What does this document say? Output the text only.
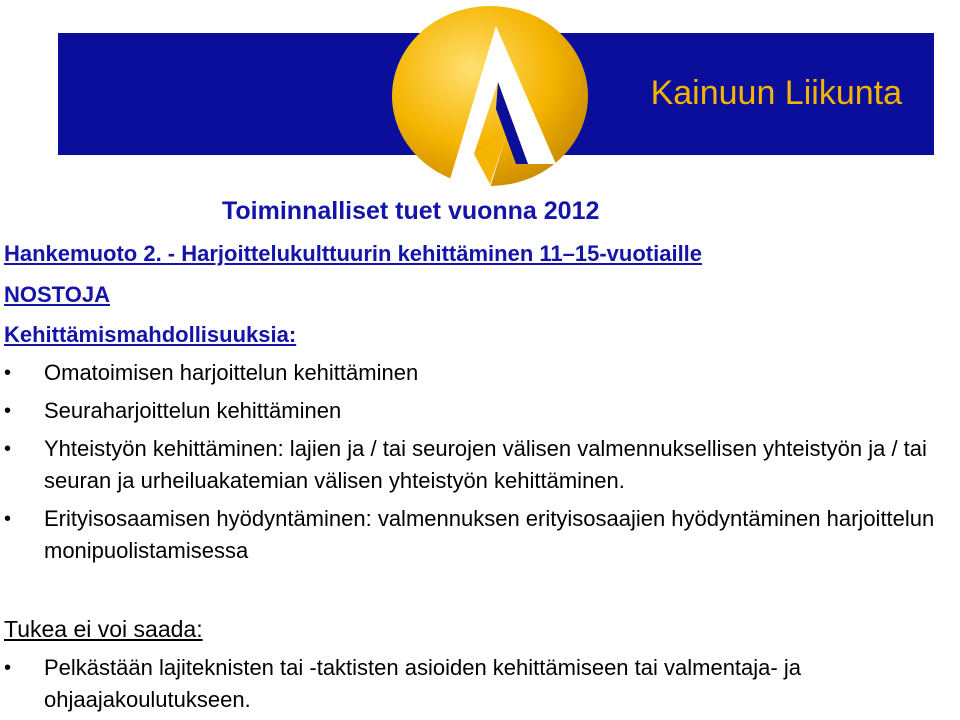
Kainuun Liikunta
Toiminnalliset tuet vuonna 2012
Hankemuoto 2. - Harjoittelukulttuurin kehittäminen 11–15-vuotiaille
NOSTOJA
Kehittämismahdollisuuksia:
• Omatoimisen harjoittelun kehittäminen
• Seuraharjoittelun kehittäminen
• Yhteistyön kehittäminen: lajien ja / tai seurojen välisen valmennuksellisen yhteistyön ja / tai seuran ja urheiluakatemian välisen yhteistyön kehittäminen.
• Erityisosaamisen hyödyntäminen: valmennuksen erityisosaajien hyödyntäminen harjoittelun monipuolistamisessa
Tukea ei voi saada:
• Pelkästään lajiteknisten tai -taktisten asioiden kehittämiseen tai valmentaja- ja ohjaajakoulutukseen.
